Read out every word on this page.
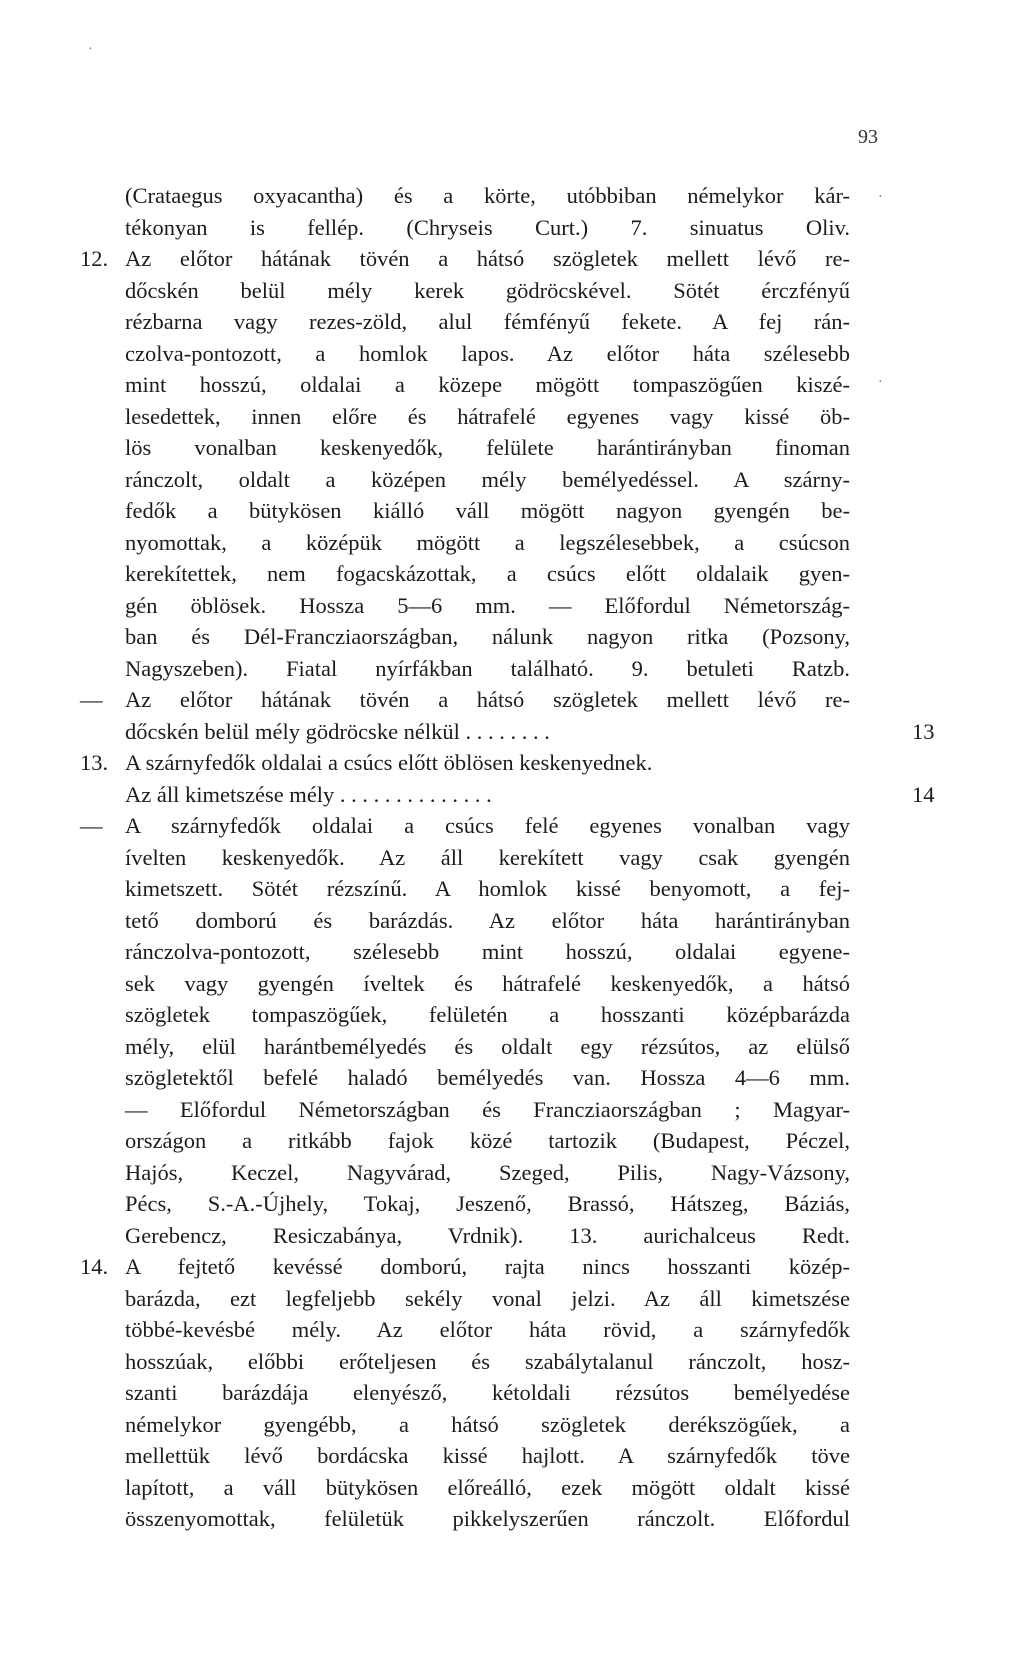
·
·
·
93
(Crataegus oxyacantha) és a körte, utóbbiban némelykor kár-
tékonyan is fellép. (Chryseis Curt.) 7. sinuatus Oliv.
12. Az előtor hátának tövén a hátsó szögletek mellett lévő re-
dőcskén belül mély kerek gödröcskével. Sötét érczfényű
rézbarna vagy rezes-zöld, alul fémfényű fekete. A fej rán-
czolva-pontozott, a homlok lapos. Az előtor háta szélesebb
mint hosszú, oldalai a közepe mögött tompaszögűen kiszé-
lesedettek, innen előre és hátrafelé egyenes vagy kissé öb-
lös vonalban keskenyedők, felülete harántirányban finoman
ránczolt, oldalt a középen mély bemélyedéssel. A szárny-
fedők a bütykösen kiálló váll mögött nagyon gyengén be-
nyomottak, a középük mögött a legszélesebbek, a csúcson
kerekítettek, nem fogacskázottak, a csúcs előtt oldalaik gyen-
gén öblösek. Hossza 5—6 mm. — Előfordul Németország-
ban és Dél-Francziaországban, nálunk nagyon ritka (Pozsony,
Nagyszeben). Fiatal nyírfákban található. 9. betuleti Ratzb.
—	Az előtor hátának tövén a hátsó szögletek mellett lévő re-
dőcskén belül mély gödröcske nélkül . . . . . . . .	13
13. A szárnyfedők oldalai a csúcs előtt öblösen keskenyednek.
Az áll kimetszése mély . . . . . . . . . . . . . .	14
—	A szárnyfedők oldalai a csúcs felé egyenes vonalban vagy
ívelten keskenyedők. Az áll kerekített vagy csak gyengén
kimetszett. Sötét rézszínű. A homlok kissé benyomott, a fej-
tető domború és barázdás. Az előtor háta harántirányban
ránczolva-pontozott, szélesebb mint hosszú, oldalai egyene-
sek vagy gyengén íveltek és hátrafelé keskenyedők, a hátsó
szögletek tompaszögűek, felületén a hosszanti középbarázda
mély, elül harántbemélyedés és oldalt egy rézsútos, az elülső
szögletektől befelé haladó bemélyedés van. Hossza 4—6 mm.
— Előfordul Németországban és Francziaországban ; Magyar-
országon a ritkább fajok közé tartozik (Budapest, Péczel,
Hajós, Keczel, Nagyvárad, Szeged, Pilis, Nagy-Vázsony,
Pécs, S.-A.-Újhely, Tokaj, Jeszenő, Brassó, Hátszeg, Báziás,
Gerebencz, Resiczabánya, Vrdnik). 13. aurichalceus Redt.
14. A fejtető kevéssé domború, rajta nincs hosszanti közép-
barázda, ezt legfeljebb sekély vonal jelzi. Az áll kimetszése
többé-kevésbé mély. Az előtor háta rövid, a szárnyfedők
hosszúak, előbbi erőteljesen és szabálytalanul ránczolt, hosz-
szanti barázdája elenyésző, kétoldali rézsútos bemélyedése
némelykor gyengébb, a hátsó szögletek derékszögűek, a
mellettük lévő bordácska kissé hajlott. A szárnyfedők töve
lapított, a váll bütykösen előreálló, ezek mögött oldalt kissé
összenyomottak, felületük pikkelyszerűen ránczolt. Előfordul
